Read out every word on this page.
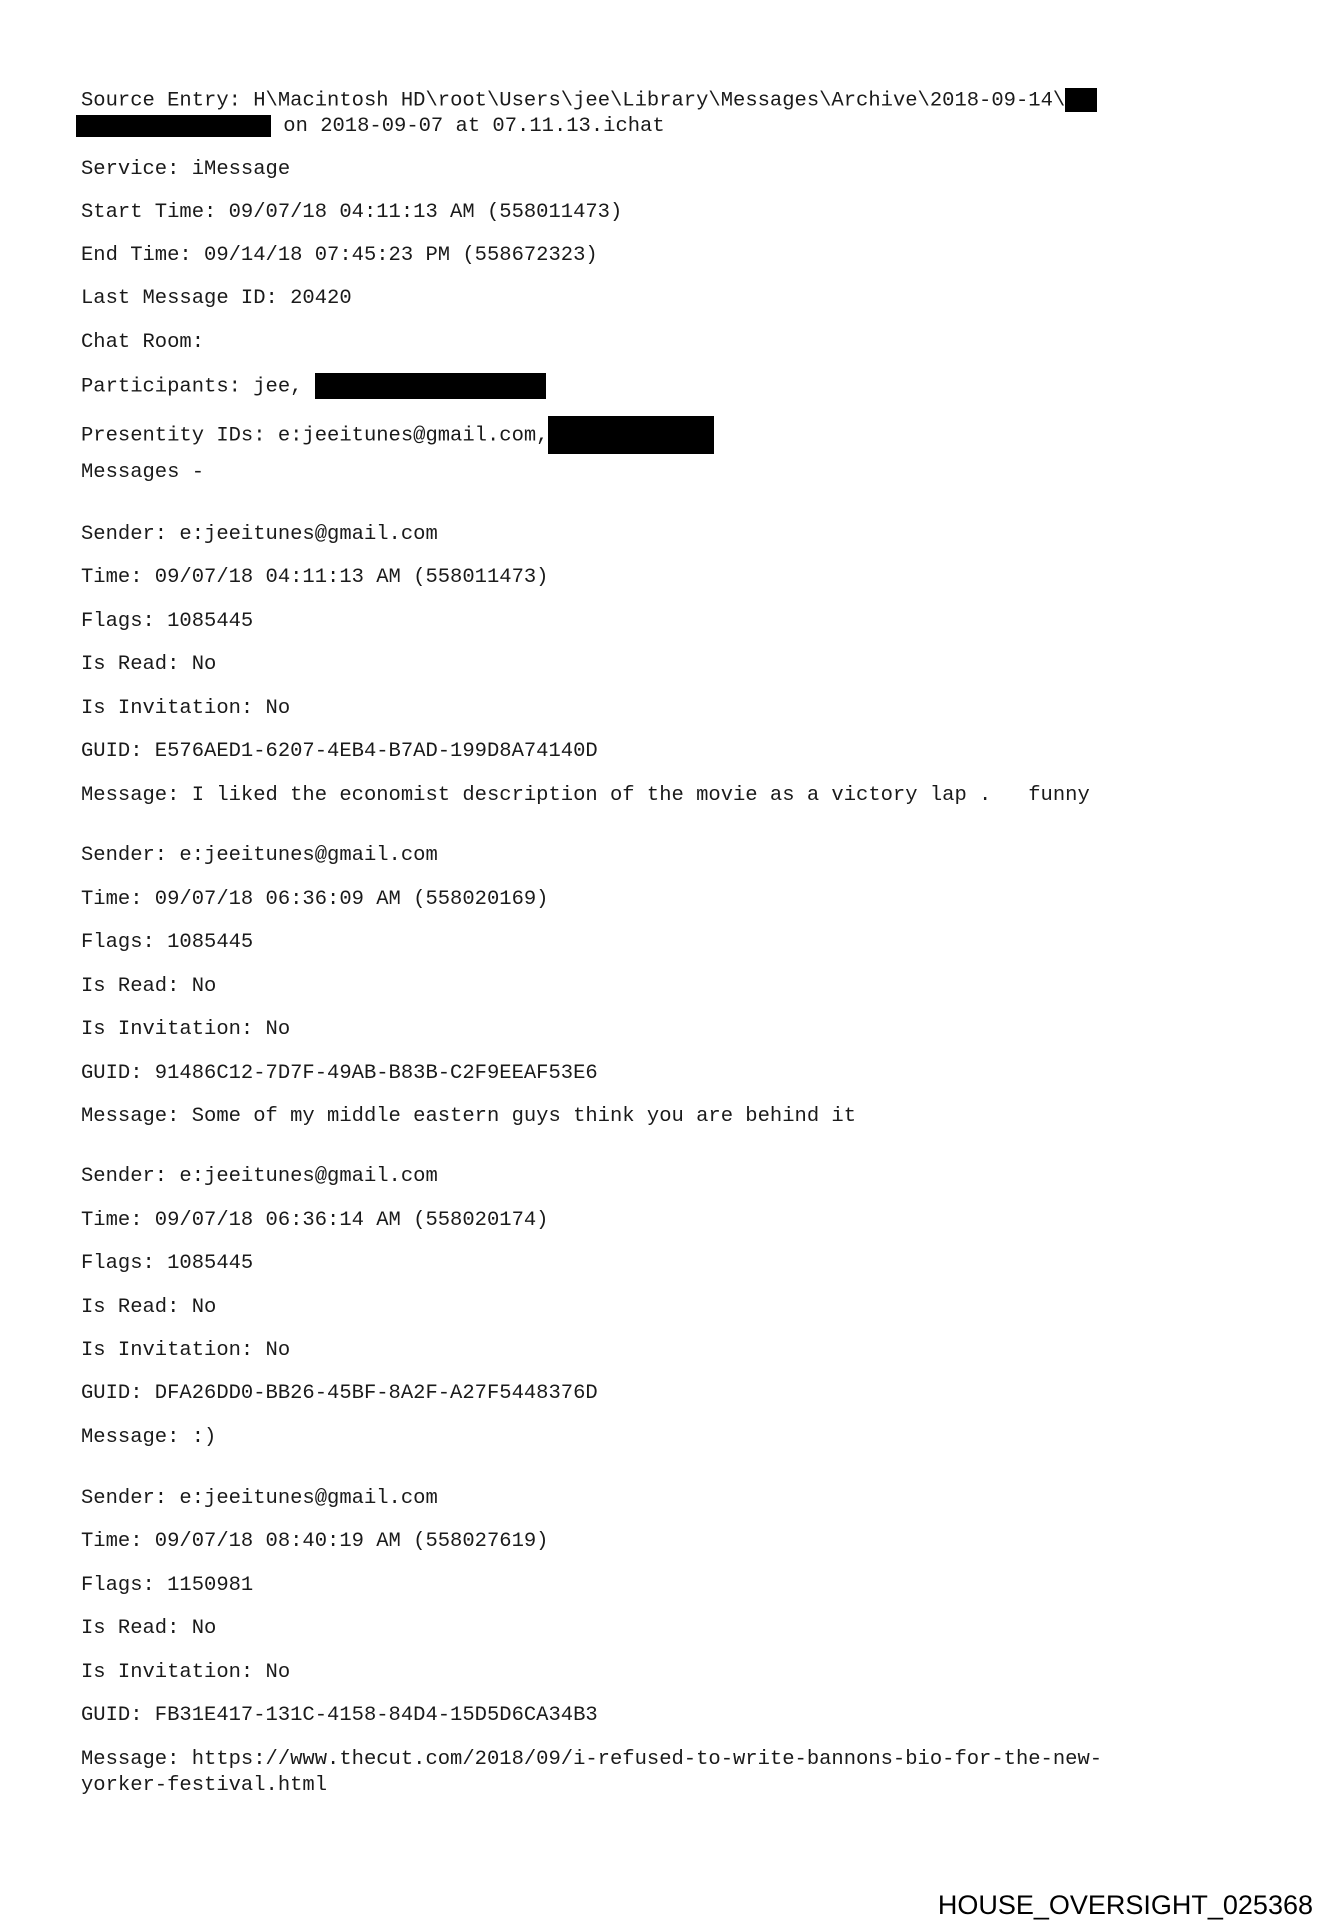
Source Entry: H\Macintosh HD\root\Users\jee\Library\Messages\Archive\2018-09-14\
on 2018-09-07 at 07.11.13.ichat
Service: iMessage
Start Time: 09/07/18 04:11:13 AM (558011473)
End Time: 09/14/18 07:45:23 PM (558672323)
Last Message ID: 20420
Chat Room:
Participants: jee,
Presentity IDs: e:jeeitunes@gmail.com,
Messages -
Sender: e:jeeitunes@gmail.com
Time: 09/07/18 04:11:13 AM (558011473)
Flags: 1085445
Is Read: No
Is Invitation: No
GUID: E576AED1-6207-4EB4-B7AD-199D8A74140D
Message: I liked the economist description of the movie as a victory lap .   funny
Sender: e:jeeitunes@gmail.com
Time: 09/07/18 06:36:09 AM (558020169)
Flags: 1085445
Is Read: No
Is Invitation: No
GUID: 91486C12-7D7F-49AB-B83B-C2F9EEAF53E6
Message: Some of my middle eastern guys think you are behind it
Sender: e:jeeitunes@gmail.com
Time: 09/07/18 06:36:14 AM (558020174)
Flags: 1085445
Is Read: No
Is Invitation: No
GUID: DFA26DD0-BB26-45BF-8A2F-A27F5448376D
Message: :)
Sender: e:jeeitunes@gmail.com
Time: 09/07/18 08:40:19 AM (558027619)
Flags: 1150981
Is Read: No
Is Invitation: No
GUID: FB31E417-131C-4158-84D4-15D5D6CA34B3
Message: https://www.thecut.com/2018/09/i-refused-to-write-bannons-bio-for-the-new-
yorker-festival.html
HOUSE_OVERSIGHT_025368
